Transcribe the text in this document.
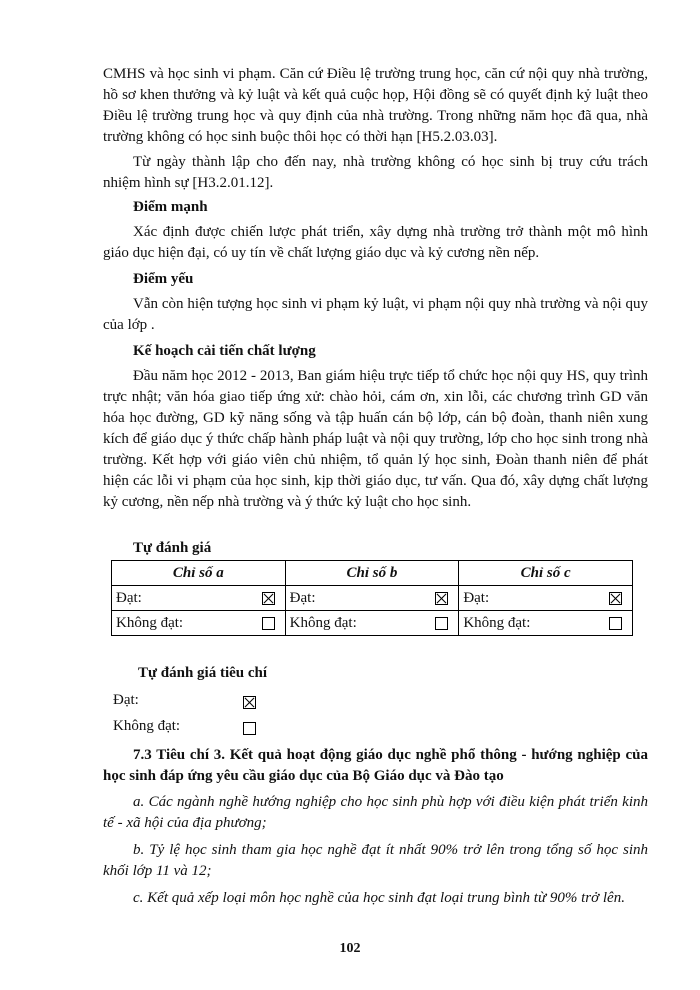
CMHS và học sinh vi phạm. Căn cứ Điều lệ trường trung học, căn cứ nội quy nhà trường, hồ sơ khen thưởng và kỷ luật và kết quả cuộc họp, Hội đồng sẽ có quyết định kỷ luật theo Điều lệ trường trung học và quy định của nhà trường. Trong những năm học đã qua, nhà trường không có học sinh buộc thôi học có thời hạn [H5.2.03.03].

Từ ngày thành lập cho đến nay, nhà trường không có học sinh bị truy cứu trách nhiệm hình sự [H3.2.01.12].

Điểm mạnh

Xác định được chiến lược phát triển, xây dựng nhà trường trở thành một mô hình giáo dục hiện đại, có uy tín về chất lượng giáo dục và kỷ cương nền nếp.

Điểm yếu

Vẫn còn hiện tượng học sinh vi phạm kỷ luật, vi phạm nội quy nhà trường và nội quy của lớp .

Kế hoạch cải tiến chất lượng

Đầu năm học 2012 - 2013, Ban giám hiệu trực tiếp tổ chức học nội quy HS, quy trình trực nhật; văn hóa giao tiếp ứng xử: chào hỏi, cám ơn, xin lỗi, các chương trình GD văn hóa học đường, GD kỹ năng sống và tập huấn cán bộ lớp, cán bộ đoàn, thanh niên xung kích để giáo dục ý thức chấp hành pháp luật và nội quy trường, lớp cho học sinh trong nhà trường. Kết hợp với giáo viên chủ nhiệm, tổ quản lý học sinh, Đoàn thanh niên để phát hiện các lỗi vi phạm của học sinh, kịp thời giáo dục, tư vấn. Qua đó, xây dựng chất lượng kỷ cương, nền nếp nhà trường và ý thức kỷ luật cho học sinh.

Tự đánh giá
Chỉ số a	Chỉ số b	Chỉ số c

Đạt:	Đạt:	Đạt:

Không đạt:	Không đạt:	Không đạt:
Tự đánh giá tiêu chí
Đạt:
Không đạt:

7.3 Tiêu chí 3. Kết quả hoạt động giáo dục nghề phổ thông - hướng nghiệp của học sinh đáp ứng yêu cầu giáo dục của Bộ Giáo dục và Đào tạo

a. Các ngành nghề hướng nghiệp cho học sinh phù hợp với điều kiện phát triển kinh tế - xã hội của địa phương;

b. Tỷ lệ học sinh tham gia học nghề đạt ít nhất 90% trở lên trong tổng số học sinh khối lớp 11 và 12;

c. Kết quả xếp loại môn học nghề của học sinh đạt loại trung bình từ 90% trở lên.

102
